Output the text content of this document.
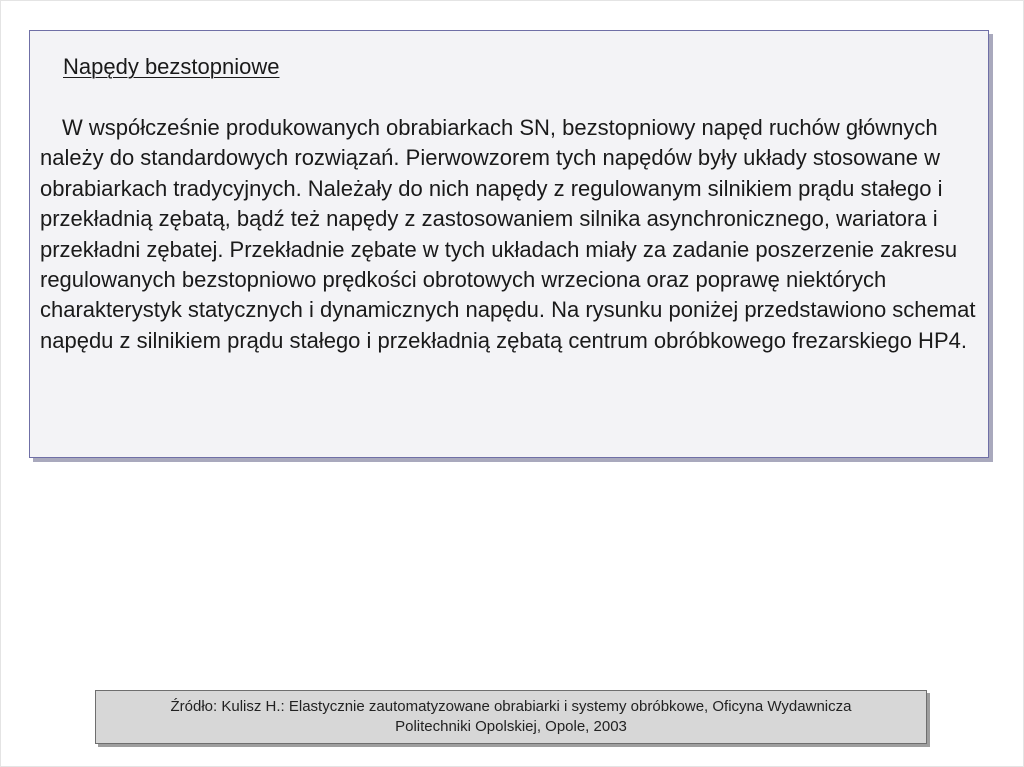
Napędy bezstopniowe

W współcześnie produkowanych obrabiarkach SN, bezstopniowy napęd ruchów głównych należy do standardowych rozwiązań. Pierwowzorem tych napędów były układy stosowane w obrabiarkach tradycyjnych. Należały do nich napędy z regulowanym silnikiem prądu stałego i przekładnią zębatą, bądź też napędy z zastosowaniem silnika asynchronicznego, wariatora i przekładni zębatej. Przekładnie zębate w tych układach miały za zadanie poszerzenie zakresu regulowanych bezstopniowo prędkości obrotowych wrzeciona oraz poprawę niektórych charakterystyk statycznych i dynamicznych napędu. Na rysunku poniżej przedstawiono schemat napędu z silnikiem prądu stałego i przekładnią zębatą centrum obróbkowego frezarskiego HP4.

Źródło: Kulisz H.: Elastycznie zautomatyzowane obrabiarki i systemy obróbkowe, Oficyna Wydawnicza
Politechniki Opolskiej, Opole, 2003
